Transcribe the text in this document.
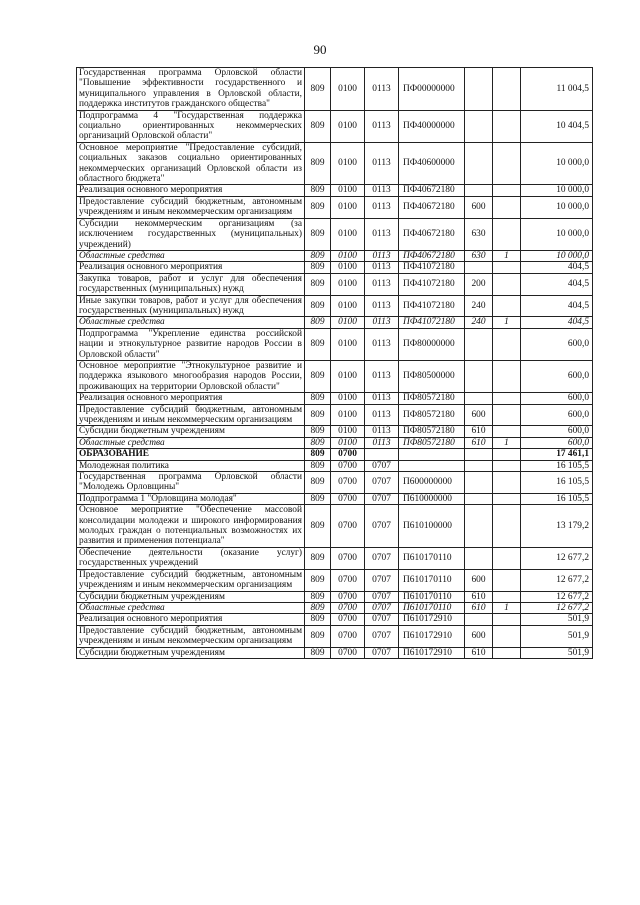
90
Государственная программа Орловской области "Повышение эффективности государственного и муниципального управления в Орловской области, поддержка институтов гражданского общества"	809	0100	0113	ПФ00000000			11 004,5
Подпрограмма 4 "Государственная поддержка социально ориентированных некоммерческих организаций Орловской области"	809	0100	0113	ПФ40000000			10 404,5
Основное мероприятие "Предоставление субсидий, социальных заказов социально ориентированных некоммерческих организаций Орловской области из областного бюджета"	809	0100	0113	ПФ40600000			10 000,0
Реализация основного мероприятия	809	0100	0113	ПФ40672180			10 000,0
Предоставление субсидий бюджетным, автономным учреждениям и иным некоммерческим организациям	809	0100	0113	ПФ40672180	600		10 000,0
Субсидии некоммерческим организациям (за исключением государственных (муниципальных) учреждений)	809	0100	0113	ПФ40672180	630		10 000,0
Областные средства	809	0100	0113	ПФ40672180	630	1	10 000,0
Реализация основного мероприятия	809	0100	0113	ПФ41072180			404,5
Закупка товаров, работ и услуг для обеспечения государственных (муниципальных) нужд	809	0100	0113	ПФ41072180	200		404,5
Иные закупки товаров, работ и услуг для обеспечения государственных (муниципальных) нужд	809	0100	0113	ПФ41072180	240		404,5
Областные средства	809	0100	0113	ПФ41072180	240	1	404,5
Подпрограмма "Укрепление единства российской нации и этнокультурное развитие народов России в Орловской области"	809	0100	0113	ПФ80000000			600,0
Основное мероприятие "Этнокультурное развитие и поддержка языкового многообразия народов России, проживающих на территории Орловской области"	809	0100	0113	ПФ80500000			600,0
Реализация основного мероприятия	809	0100	0113	ПФ80572180			600,0
Предоставление субсидий бюджетным, автономным учреждениям и иным некоммерческим организациям	809	0100	0113	ПФ80572180	600		600,0
Субсидии бюджетным учреждениям	809	0100	0113	ПФ80572180	610		600,0
Областные средства	809	0100	0113	ПФ80572180	610	1	600,0
ОБРАЗОВАНИЕ	809	0700					17 461,1
Молодежная политика	809	0700	0707				16 105,5
Государственная программа Орловской области "Молодежь Орловщины"	809	0700	0707	П600000000			16 105,5
Подпрограмма 1 "Орловщина молодая"	809	0700	0707	П610000000			16 105,5
Основное мероприятие "Обеспечение массовой консолидации молодежи и широкого информирования молодых граждан о потенциальных возможностях их развития и применения потенциала"	809	0700	0707	П610100000			13 179,2
Обеспечение деятельности (оказание услуг) государственных учреждений	809	0700	0707	П610170110			12 677,2
Предоставление субсидий бюджетным, автономным учреждениям и иным некоммерческим организациям	809	0700	0707	П610170110	600		12 677,2
Субсидии бюджетным учреждениям	809	0700	0707	П610170110	610		12 677,2
Областные средства	809	0700	0707	П610170110	610	1	12 677,2
Реализация основного мероприятия	809	0700	0707	П610172910			501,9
Предоставление субсидий бюджетным, автономным учреждениям и иным некоммерческим организациям	809	0700	0707	П610172910	600		501,9
Субсидии бюджетным учреждениям	809	0700	0707	П610172910	610		501,9
